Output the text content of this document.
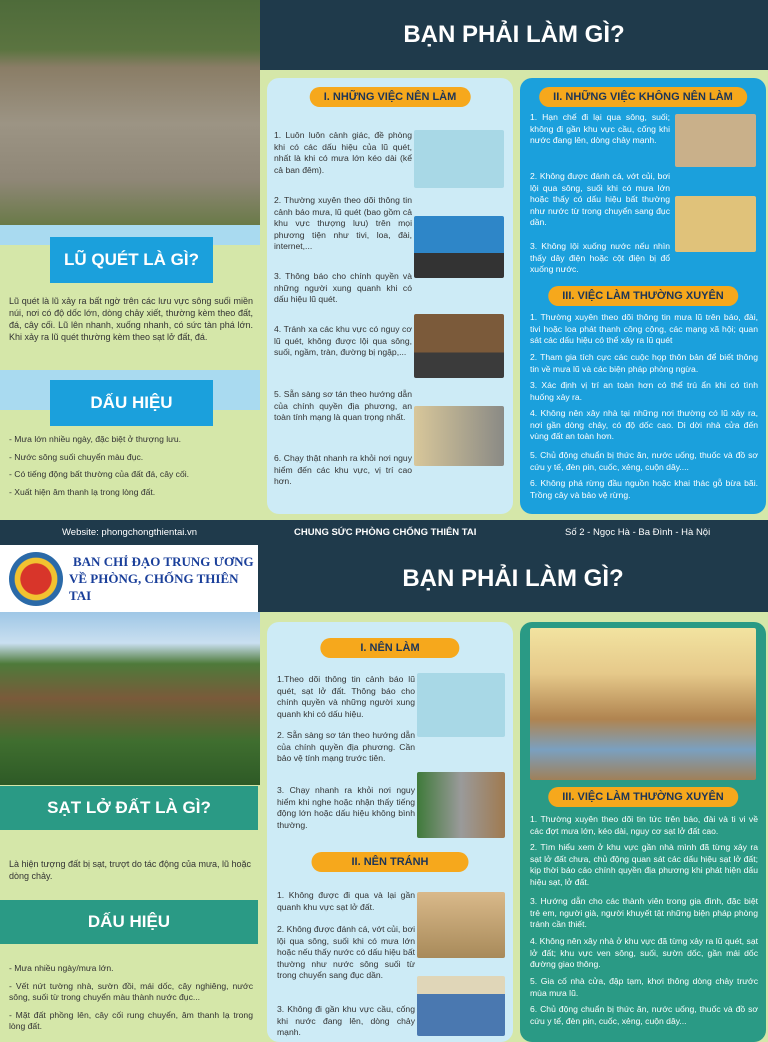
LŨ QUÉT LÀ GÌ?
Lũ quét là lũ xảy ra bất ngờ trên các lưu vực sông suối miền núi, nơi có độ dốc lớn, dòng chảy xiết, thường kèm theo đất, đá, cây cối. Lũ lên nhanh, xuống nhanh, có sức tàn phá lớn. Khi xảy ra lũ quét thường kèm theo sạt lở đất, đá.
DẤU HIỆU
- Mưa lớn nhiều ngày, đặc biệt ở thượng lưu.
- Nước sông suối chuyển màu đục.
- Có tiếng động bất thường của đất đá, cây cối.
- Xuất hiện âm thanh lạ trong lòng đất.
BẠN PHẢI LÀM GÌ?
I. NHỮNG VIỆC NÊN LÀM
1. Luôn luôn cảnh giác, đề phòng khi có các dấu hiệu của lũ quét, nhất là khi có mưa lớn kéo dài (kể cả ban đêm).
2. Thường xuyên theo dõi thông tin cảnh báo mưa, lũ quét (bao gồm cả khu vực thượng lưu) trên mọi phương tiện như tivi, loa, đài, internet,...
3. Thông báo cho chính quyền và những người xung quanh khi có dấu hiệu lũ quét.
4. Tránh xa các khu vực có nguy cơ lũ quét, không được lội qua sông, suối, ngầm, tràn, đường bị ngập,...
5. Sẵn sàng sơ tán theo hướng dẫn của chính quyền địa phương, an toàn tính mạng là quan trọng nhất.
6. Chạy thật nhanh ra khỏi nơi nguy hiểm đến các khu vực, vị trí cao hơn.
II. NHỮNG VIỆC KHÔNG NÊN LÀM
1. Hạn chế đi lại qua sông, suối; không đi gần khu vực cầu, cống khi nước đang lên, dòng chảy mạnh.
2. Không được đánh cá, vớt củi, bơi lội qua sông, suối khi có mưa lớn hoặc thấy có dấu hiệu bất thường như nước từ trong chuyển sang đục dần.
3. Không lội xuống nước nếu nhìn thấy dây điện hoặc cột điện bị đổ xuống nước.
III. VIỆC LÀM THƯỜNG XUYÊN
1. Thường xuyên theo dõi thông tin mưa lũ trên báo, đài, tivi hoặc loa phát thanh công cộng, các mạng xã hội; quan sát các dấu hiệu có thể xảy ra lũ quét
2. Tham gia tích cực các cuộc họp thôn bản để biết thông tin về mưa lũ và các biện pháp phòng ngừa.
3. Xác định vị trí an toàn hơn có thể trú ẩn khi có tình huống xảy ra.
4. Không nên xây nhà tại những nơi thường có lũ xảy ra, nơi gần dòng chảy, có độ dốc cao. Di dời nhà cửa đến vùng đất an toàn hơn.
5. Chủ động chuẩn bị thức ăn, nước uống, thuốc và đồ sơ cứu y tế, đèn pin, cuốc, xẻng, cuộn dây....
6. Không phá rừng đầu nguồn hoặc khai thác gỗ bừa bãi. Trồng cây và bảo vệ rừng.
Website: phongchongthientai.vn	CHUNG SỨC PHÒNG CHỐNG THIÊN TAI	Số 2 - Ngọc Hà - Ba Đình - Hà Nội
BAN CHỈ ĐẠO TRUNG ƯƠNG
VỀ PHÒNG, CHỐNG THIÊN TAI
BẠN PHẢI LÀM GÌ?
SẠT LỞ ĐẤT LÀ GÌ?
Là hiện tượng đất bị sạt, trượt do tác động của mưa, lũ hoặc dòng chảy.
DẤU HIỆU
- Mưa nhiều ngày/mưa lớn.
- Vết nứt tường nhà, sườn đồi, mái dốc, cây nghiêng, nước sông, suối từ trong chuyển màu thành nước đục...
- Mặt đất phồng lên, cây cối rung chuyển, âm thanh lạ trong lòng đất.
I. NÊN LÀM
1.Theo dõi thông tin cảnh báo lũ quét, sạt lở đất. Thông báo cho chính quyền và những người xung quanh khi có dấu hiệu.
2. Sẵn sàng sơ tán theo hướng dẫn của chính quyền địa phương. Cần bảo vệ tính mạng trước tiên.
3. Chạy nhanh ra khỏi nơi nguy hiểm khi nghe hoặc nhận thấy tiếng động lớn hoặc dấu hiệu không bình thường.
II. NÊN TRÁNH
1. Không được đi qua và lại gần quanh khu vực sạt lở đất.
2. Không được đánh cá, vớt củi, bơi lội qua sông, suối khi có mưa lớn hoặc nếu thấy nước có dấu hiệu bất thường như nước sông suối từ trong chuyển sang đục dần.
3. Không đi gần khu vực cầu, cống khi nước đang lên, dòng chảy mạnh.
III. VIỆC LÀM THƯỜNG XUYÊN
1. Thường xuyên theo dõi tin tức trên báo, đài và ti vi về các đợt mưa lớn, kéo dài, nguy cơ sạt lở đất cao.
2. Tìm hiểu xem ở khu vực gần nhà mình đã từng xảy ra sạt lở đất chưa, chủ động quan sát các dấu hiệu sạt lở đất; kịp thời báo cáo chính quyền địa phương khi phát hiện dấu hiệu sạt, lở đất.
3. Hướng dẫn cho các thành viên trong gia đình, đặc biệt trẻ em, người già, người khuyết tật những biện pháp phòng tránh cần thiết.
4. Không nên xây nhà ở khu vực đã từng xảy ra lũ quét, sạt lở đất; khu vực ven sông, suối, sườn dốc, gần mái dốc đường giao thông.
5. Gia cố nhà cửa, đập tạm, khơi thông dòng chảy trước mùa mưa lũ.
6. Chủ động chuẩn bị thức ăn, nước uống, thuốc và đồ sơ cứu y tế, đèn pin, cuốc, xẻng, cuộn dây...
